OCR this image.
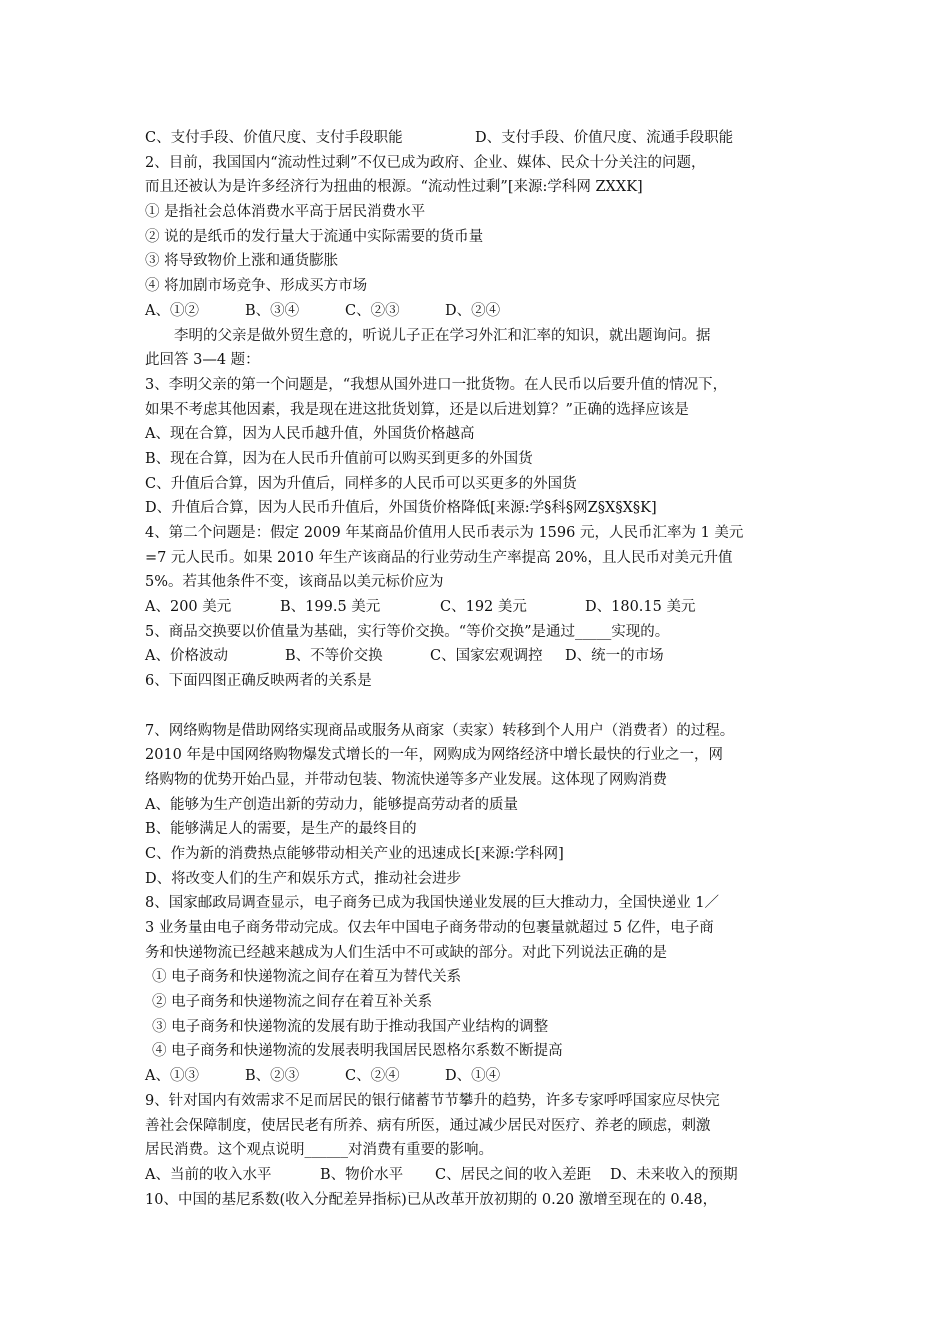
C、支付手段、价值尺度、支付手段职能	D、支付手段、价值尺度、流通手段职能
2、目前，我国国内“流动性过剩”不仅已成为政府、企业、媒体、民众十分关注的问题，
而且还被认为是许多经济行为扭曲的根源。“流动性过剩”[来源:学科网 ZXXK]
① 是指社会总体消费水平高于居民消费水平
② 说的是纸币的发行量大于流通中实际需要的货币量
③ 将导致物价上涨和通货膨胀
④ 将加剧市场竞争、形成买方市场
A、①②	B、③④	C、②③	D、②④
李明的父亲是做外贸生意的，听说儿子正在学习外汇和汇率的知识，就出题询问。据
此回答 3—4 题：
3、李明父亲的第一个问题是，“我想从国外进口一批货物。在人民币以后要升值的情况下，
如果不考虑其他因素，我是现在进这批货划算，还是以后进划算？”正确的选择应该是
A、现在合算，因为人民币越升值，外国货价格越高
B、现在合算，因为在人民币升值前可以购买到更多的外国货
C、升值后合算，因为升值后，同样多的人民币可以买更多的外国货
D、升值后合算，因为人民币升值后，外国货价格降低[来源:学§科§网Z§X§X§K]
4、第二个问题是：假定 2009 年某商品价值用人民币表示为 1596 元，人民币汇率为 1 美元
=7 元人民币。如果 2010 年生产该商品的行业劳动生产率提高 20%，且人民币对美元升值
5%。若其他条件不变，该商品以美元标价应为
A、200 美元	B、199.5 美元	C、192 美元	D、180.15 美元
5、商品交换要以价值量为基础，实行等价交换。“等价交换”是通过_____实现的。
A、价格波动	B、不等价交换	C、国家宏观调控	D、统一的市场
6、下面四图正确反映两者的关系是
7、网络购物是借助网络实现商品或服务从商家（卖家）转移到个人用户（消费者）的过程。
2010 年是中国网络购物爆发式增长的一年，网购成为网络经济中增长最快的行业之一，网
络购物的优势开始凸显，并带动包装、物流快递等多产业发展。这体现了网购消费
A、能够为生产创造出新的劳动力，能够提高劳动者的质量
B、能够满足人的需要，是生产的最终目的
C、作为新的消费热点能够带动相关产业的迅速成长[来源:学科网]
D、将改变人们的生产和娱乐方式，推动社会进步
8、国家邮政局调查显示，电子商务已成为我国快递业发展的巨大推动力，全国快递业 1／
3 业务量由电子商务带动完成。仅去年中国电子商务带动的包裹量就超过 5 亿件，电子商
务和快递物流已经越来越成为人们生活中不可或缺的部分。对此下列说法正确的是
① 电子商务和快递物流之间存在着互为替代关系
② 电子商务和快递物流之间存在着互补关系
③ 电子商务和快递物流的发展有助于推动我国产业结构的调整
④ 电子商务和快递物流的发展表明我国居民恩格尔系数不断提高
A、①③	B、②③	C、②④	D、①④
9、针对国内有效需求不足而居民的银行储蓄节节攀升的趋势，许多专家呼呼国家应尽快完
善社会保障制度，使居民老有所养、病有所医，通过减少居民对医疗、养老的顾虑，刺激
居民消费。这个观点说明______对消费有重要的影响。
A、当前的收入水平	B、物价水平	C、居民之间的收入差距	D、未来收入的预期
10、中国的基尼系数(收入分配差异指标)已从改革开放初期的 0.20 激增至现在的 0.48，
